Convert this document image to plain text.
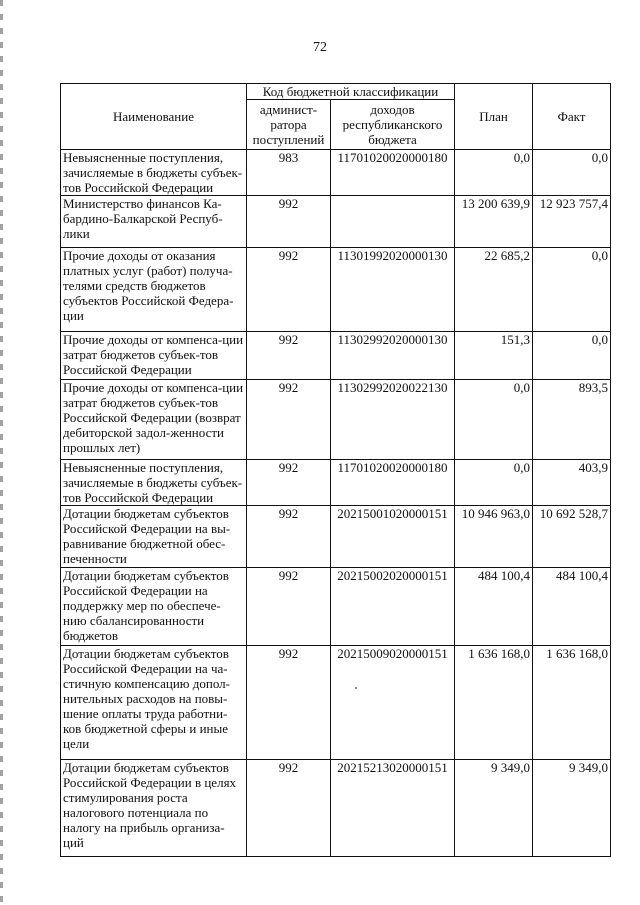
72
Наименование	Код бюджетной классификации		План	Факт
	админист-ратора поступлений	доходов республиканского бюджета		
Невыясненные поступления, зачисляемые в бюджеты субъек-тов Российской Федерации	983	11701020020000180	0,0	0,0
Министерство финансов Ка-бардино-Балкарской Респуб-лики	992		13 200 639,9	12 923 757,4
Прочие доходы от оказания платных услуг (работ) получа-телями средств бюджетов субъектов Российской Федера-ции	992	11301992020000130	22 685,2	0,0
Прочие доходы от компенса-ции затрат бюджетов субъек-тов Российской Федерации	992	11302992020000130	151,3	0,0
Прочие доходы от компенса-ции затрат бюджетов субъек-тов Российской Федерации (возврат дебиторской задол-женности прошлых лет)	992	11302992020022130	0,0	893,5
Невыясненные поступления, зачисляемые в бюджеты субъек-тов Российской Федерации	992	11701020020000180	0,0	403,9
Дотации бюджетам субъектов Российской Федерации на вы-равнивание бюджетной обес-печенности	992	20215001020000151	10 946 963,0	10 692 528,7
Дотации бюджетам субъектов Российской Федерации на поддержку мер по обеспече-нию сбалансированности бюджетов	992	20215002020000151	484 100,4	484 100,4
Дотации бюджетам субъектов Российской Федерации на ча-стичную компенсацию допол-нительных расходов на повы-шение оплаты труда работни-ков бюджетной сферы и иные цели	992	20215009020000151	1 636 168,0	1 636 168,0
Дотации бюджетам субъектов Российской Федерации в целях стимулирования роста налогового потенциала по налогу на прибыль организа-ций	992	20215213020000151	9 349,0	9 349,0
